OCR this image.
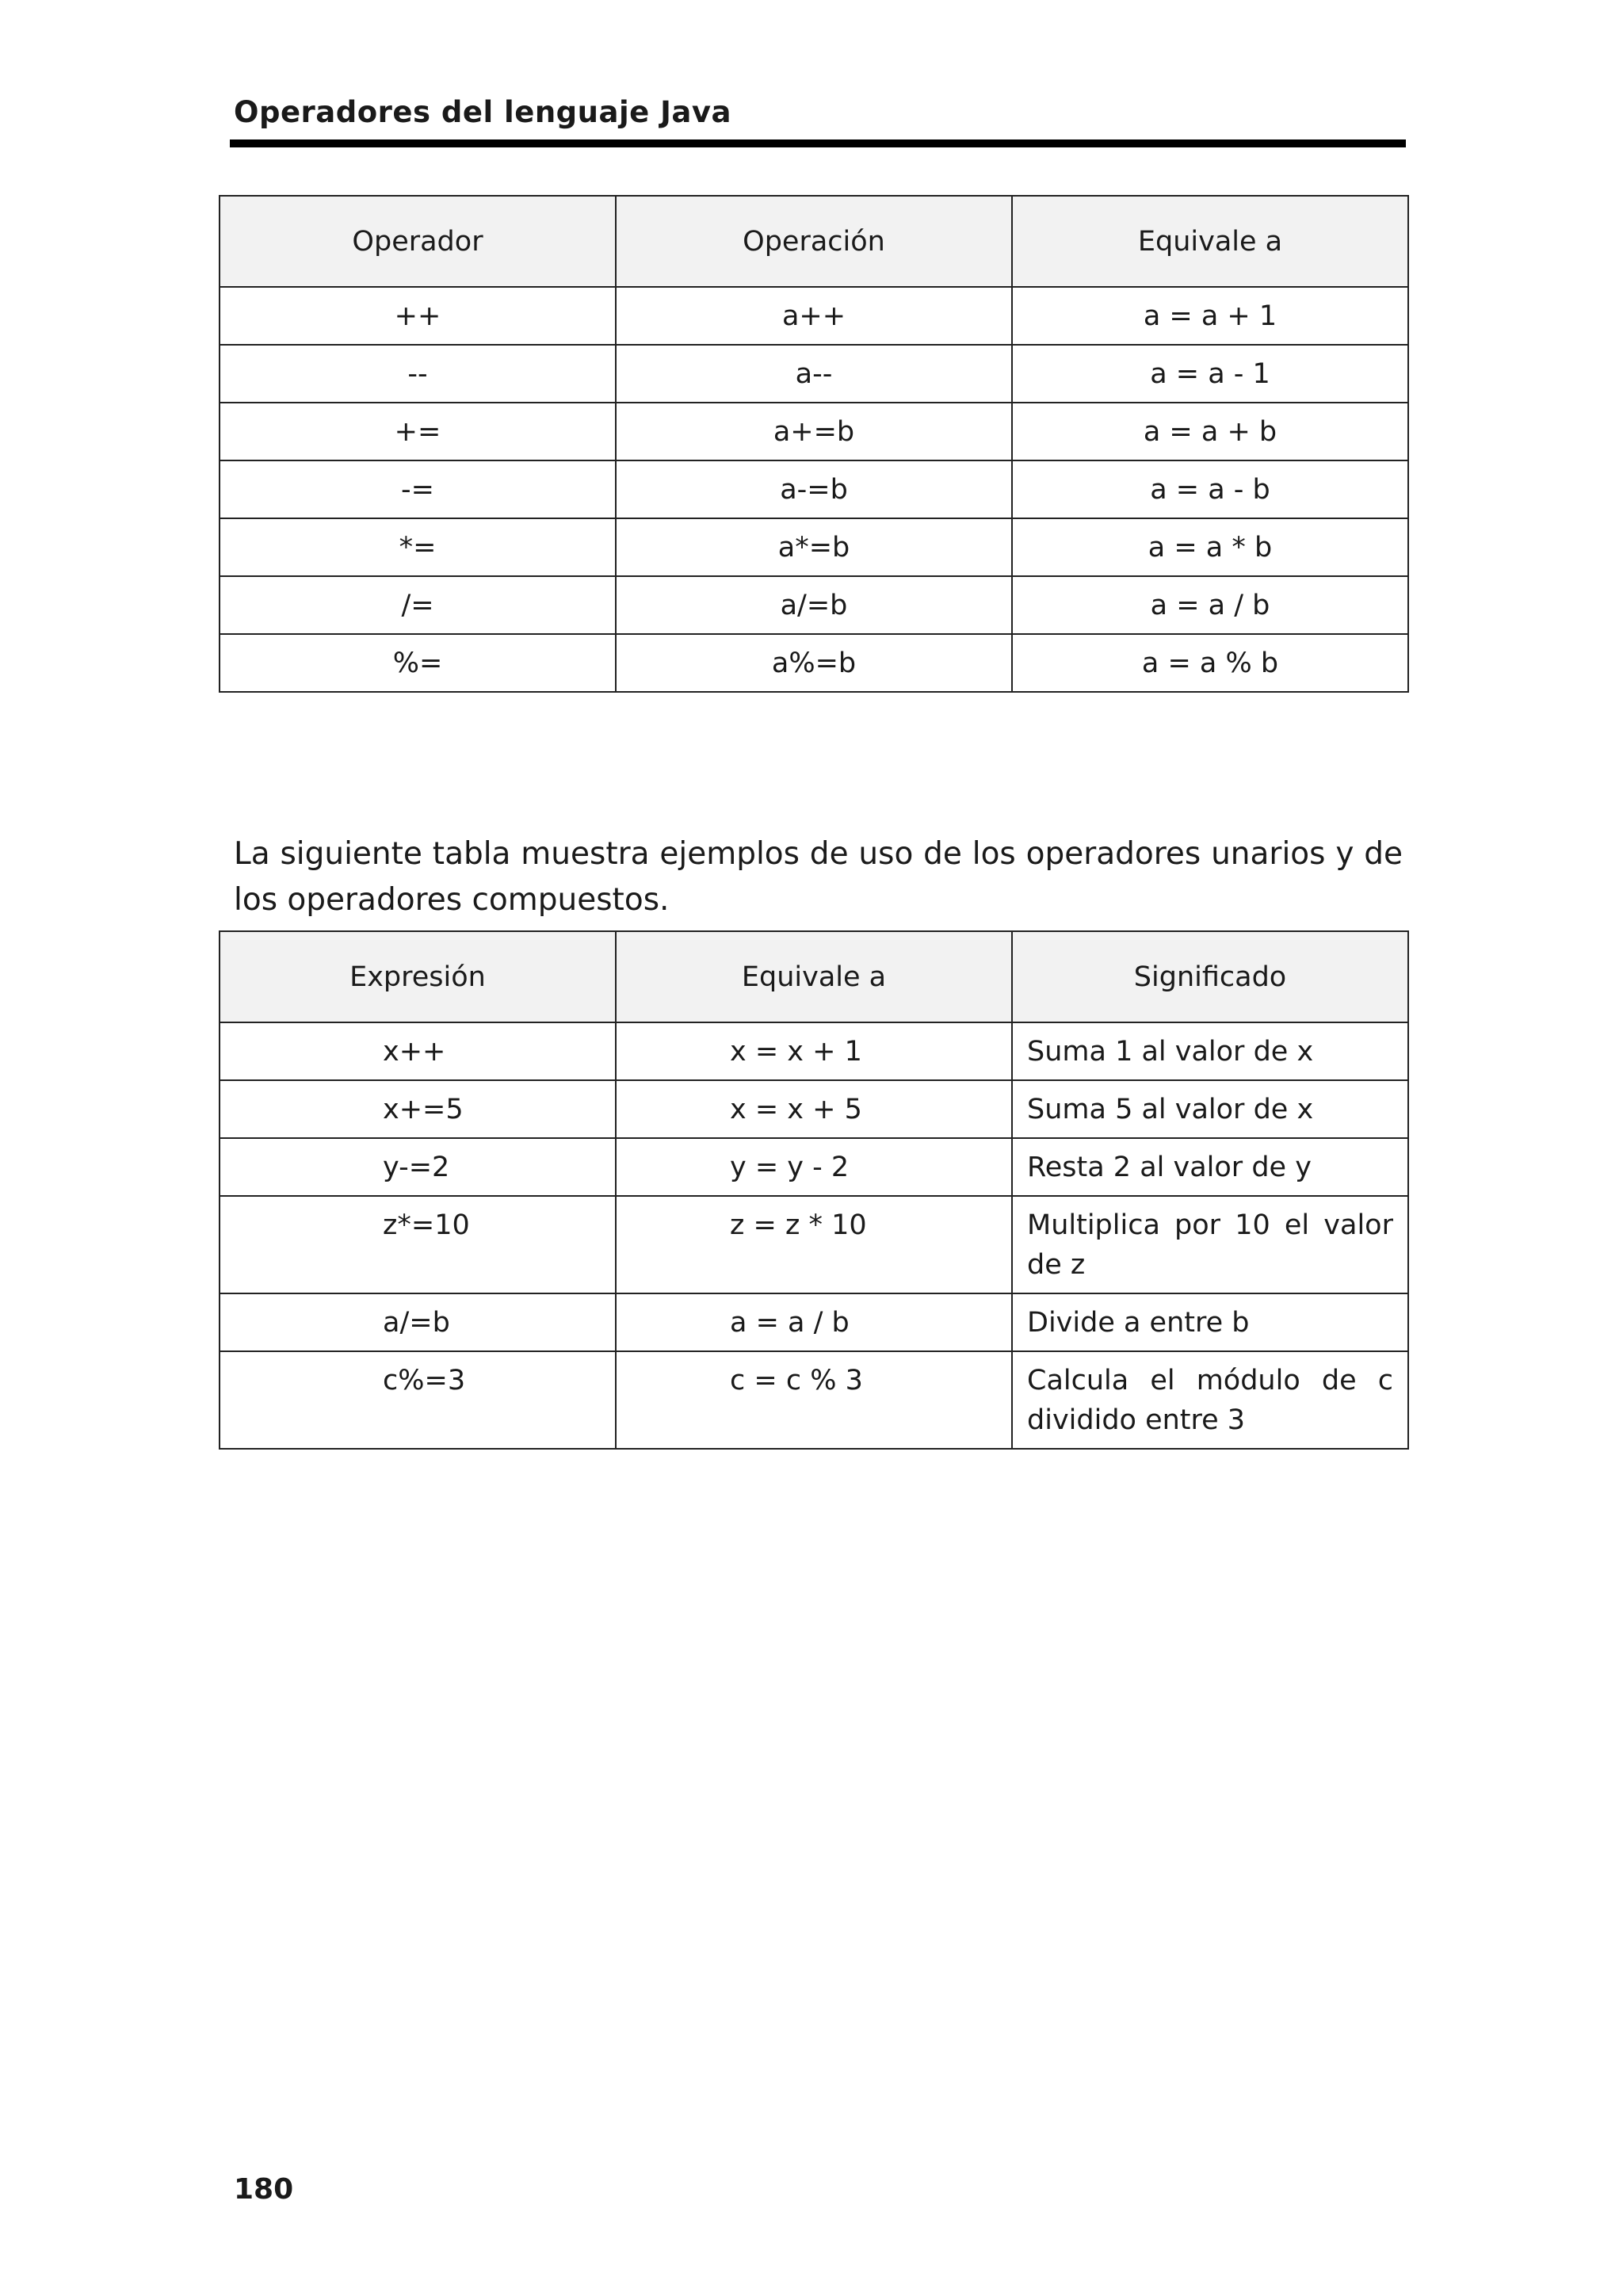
Operadores del lenguaje Java
Operador	Operación	Equivale a
++	a++	a = a + 1
--	a--	a = a - 1
+=	a+=b	a = a + b
-=	a-=b	a = a - b
*=	a*=b	a = a * b
/=	a/=b	a = a / b
%=	a%=b	a = a % b

La siguiente tabla muestra ejemplos de uso de los operadores unarios y de los operadores compuestos.

Expresión	Equivale a	Significado
x++	x = x + 1	Suma 1 al valor de x
x+=5	x = x + 5	Suma 5 al valor de x
y-=2	y = y - 2	Resta 2 al valor de y
z*=10	z = z * 10	Multiplica por 10 el valor de z
a/=b	a = a / b	Divide a entre b
c%=3	c = c % 3	Calcula el módulo de c dividido entre 3
180
